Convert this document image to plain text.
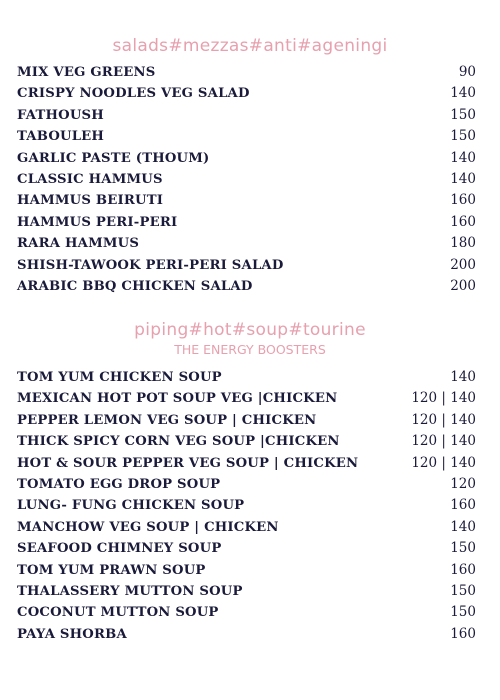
salads#mezzas#anti#ageningi
MIX VEG GREENS	90
CRISPY NOODLES VEG SALAD	140
FATHOUSH	150
TABOULEH	150
GARLIC PASTE (THOUM)	140
CLASSIC HAMMUS	140
HAMMUS BEIRUTI	160
HAMMUS PERI-PERI	160
RARA HAMMUS	180
SHISH-TAWOOK PERI-PERI SALAD	200
ARABIC BBQ CHICKEN SALAD	200
piping#hot#soup#tourine
THE ENERGY BOOSTERS
TOM YUM CHICKEN SOUP	140
MEXICAN HOT POT SOUP VEG |CHICKEN	120 | 140
PEPPER LEMON VEG SOUP | CHICKEN	120 | 140
THICK SPICY CORN VEG SOUP |CHICKEN	120 | 140
HOT & SOUR PEPPER VEG SOUP | CHICKEN	120 | 140
TOMATO EGG DROP SOUP	120
LUNG- FUNG CHICKEN SOUP	160
MANCHOW VEG SOUP | CHICKEN	140
SEAFOOD CHIMNEY SOUP	150
TOM YUM PRAWN SOUP	160
THALASSERY MUTTON SOUP	150
COCONUT MUTTON SOUP	150
PAYA SHORBA	160
